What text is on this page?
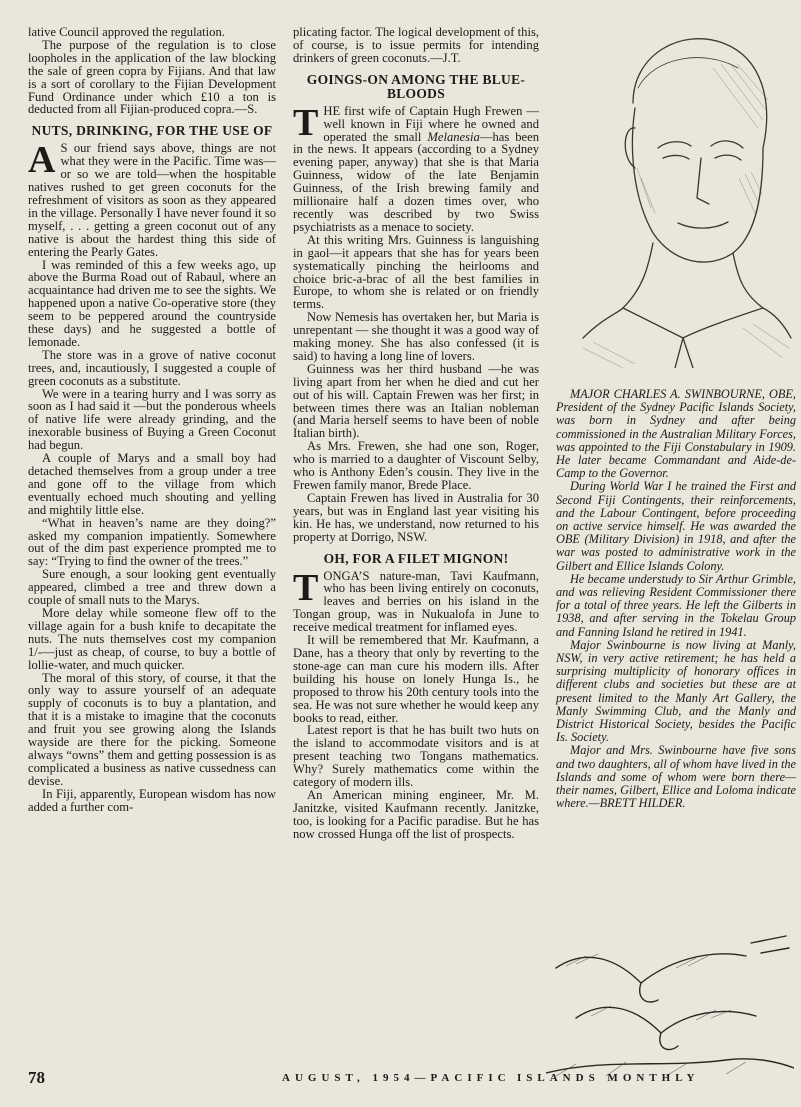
lative Council approved the regulation.

The purpose of the regulation is to close loopholes in the application of the law blocking the sale of green copra by Fijians. And that law is a sort of corollary to the Fijian Development Fund Ordinance under which £10 a ton is deducted from all Fijian-produced copra.—S.

NUTS, DRINKING, FOR THE USE OF

A S our friend says above, things are not what they were in the Pacific. Time was—or so we are told—when the hospitable natives rushed to get green coconuts for the refreshment of visitors as soon as they appeared in the village. Personally I have never found it so myself, . . . getting a green coconut out of any native is about the hardest thing this side of entering the Pearly Gates.

I was reminded of this a few weeks ago, up above the Burma Road out of Rabaul, where an acquaintance had driven me to see the sights. We happened upon a native Co-operative store (they seem to be peppered around the countryside these days) and he suggested a bottle of lemonade.

The store was in a grove of native coconut trees, and, incautiously, I suggested a couple of green coconuts as a substitute.

We were in a tearing hurry and I was sorry as soon as I had said it —but the ponderous wheels of native life were already grinding, and the inexorable business of Buying a Green Coconut had begun.

A couple of Marys and a small boy had detached themselves from a group under a tree and gone off to the village from which eventually echoed much shouting and yelling and mightily little else.

“What in heaven’s name are they doing?” asked my companion impatiently. Somewhere out of the dim past experience prompted me to say: “Trying to find the owner of the trees.”

Sure enough, a sour looking gent eventually appeared, climbed a tree and threw down a couple of small nuts to the Marys.

More delay while someone flew off to the village again for a bush knife to decapitate the nuts. The nuts themselves cost my companion 1/-—just as cheap, of course, to buy a bottle of lollie-water, and much quicker.

The moral of this story, of course, it that the only way to assure yourself of an adequate supply of coconuts is to buy a plantation, and that it is a mistake to imagine that the coconuts and fruit you see growing along the Islands wayside are there for the picking. Someone always “owns” them and getting possession is as complicated a business as native cussedness can devise.

In Fiji, apparently, European wisdom has now added a further com-

plicating factor. The logical development of this, of course, is to issue permits for intending drinkers of green coconuts.—J.T.

GOINGS-ON AMONG THE BLUE-BLOODS

THE first wife of Captain Hugh Frewen — well known in Fiji where he owned and operated the small Melanesia—has been in the news. It appears (according to a Sydney evening paper, anyway) that she is that Maria Guinness, widow of the late Benjamin Guinness, of the Irish brewing family and millionaire half a dozen times over, who recently was described by two Swiss psychiatrists as a menace to society.

At this writing Mrs. Guinness is languishing in gaol—it appears that she has for years been systematically pinching the heirlooms and choice bric-a-brac of all the best families in Europe, to whom she is related or on friendly terms.

Now Nemesis has overtaken her, but Maria is unrepentant — she thought it was a good way of making money. She has also confessed (it is said) to having a long line of lovers.

Guinness was her third husband —he was living apart from her when he died and cut her out of his will. Captain Frewen was her first; in between times there was an Italian nobleman (and Maria herself seems to have been of noble Italian birth).

As Mrs. Frewen, she had one son, Roger, who is married to a daughter of Viscount Selby, who is Anthony Eden’s cousin. They live in the Frewen family manor, Brede Place.

Captain Frewen has lived in Australia for 30 years, but was in England last year visiting his kin. He has, we understand, now returned to his property at Dorrigo, NSW.

OH, FOR A FILET MIGNON!

TONGA’S nature-man, Tavi Kaufmann, who has been living entirely on coconuts, leaves and berries on his island in the Tongan group, was in Nukualofa in June to receive medical treatment for inflamed eyes.

It will be remembered that Mr. Kaufmann, a Dane, has a theory that only by reverting to the stone-age can man cure his modern ills. After building his house on lonely Hunga Is., he proposed to throw his 20th century tools into the sea. He was not sure whether he would keep any books to read, either.

Latest report is that he has built two huts on the island to accommodate visitors and is at present teaching two Tongans mathematics. Why? Surely mathematics come within the category of modern ills.

An American mining engineer, Mr. M. Janitzke, visited Kaufmann recently. Janitzke, too, is looking for a Pacific paradise. But he has now crossed Hunga off the list of prospects.

MAJOR CHARLES A. SWINBOURNE, OBE, President of the Sydney Pacific Islands Society, was born in Sydney and after being commissioned in the Australian Military Forces, was appointed to the Fiji Constabulary in 1909. He later became Commandant and Aide-de-Camp to the Governor.

During World War I he trained the First and Second Fiji Contingents, their reinforcements, and the Labour Contingent, before proceeding on active service himself. He was awarded the OBE (Military Division) in 1918, and after the war was posted to administrative work in the Gilbert and Ellice Islands Colony.

He became understudy to Sir Arthur Grimble, and was relieving Resident Commissioner there for a total of three years. He left the Gilberts in 1938, and after serving in the Tokelau Group and Fanning Island he retired in 1941.

Major Swinbourne is now living at Manly, NSW, in very active retirement; he has held a surprising multiplicity of honorary offices in different clubs and societies but these are at present limited to the Manly Art Gallery, the Manly Swimming Club, and the Manly and District Historical Society, besides the Pacific Is. Society.

Major and Mrs. Swinbourne have five sons and two daughters, all of whom have lived in the Islands and some of whom were born there—their names, Gilbert, Ellice and Loloma indicate where.—BRETT HILDER.

78	AUGUST, 1954—PACIFIC ISLANDS MONTHLY
